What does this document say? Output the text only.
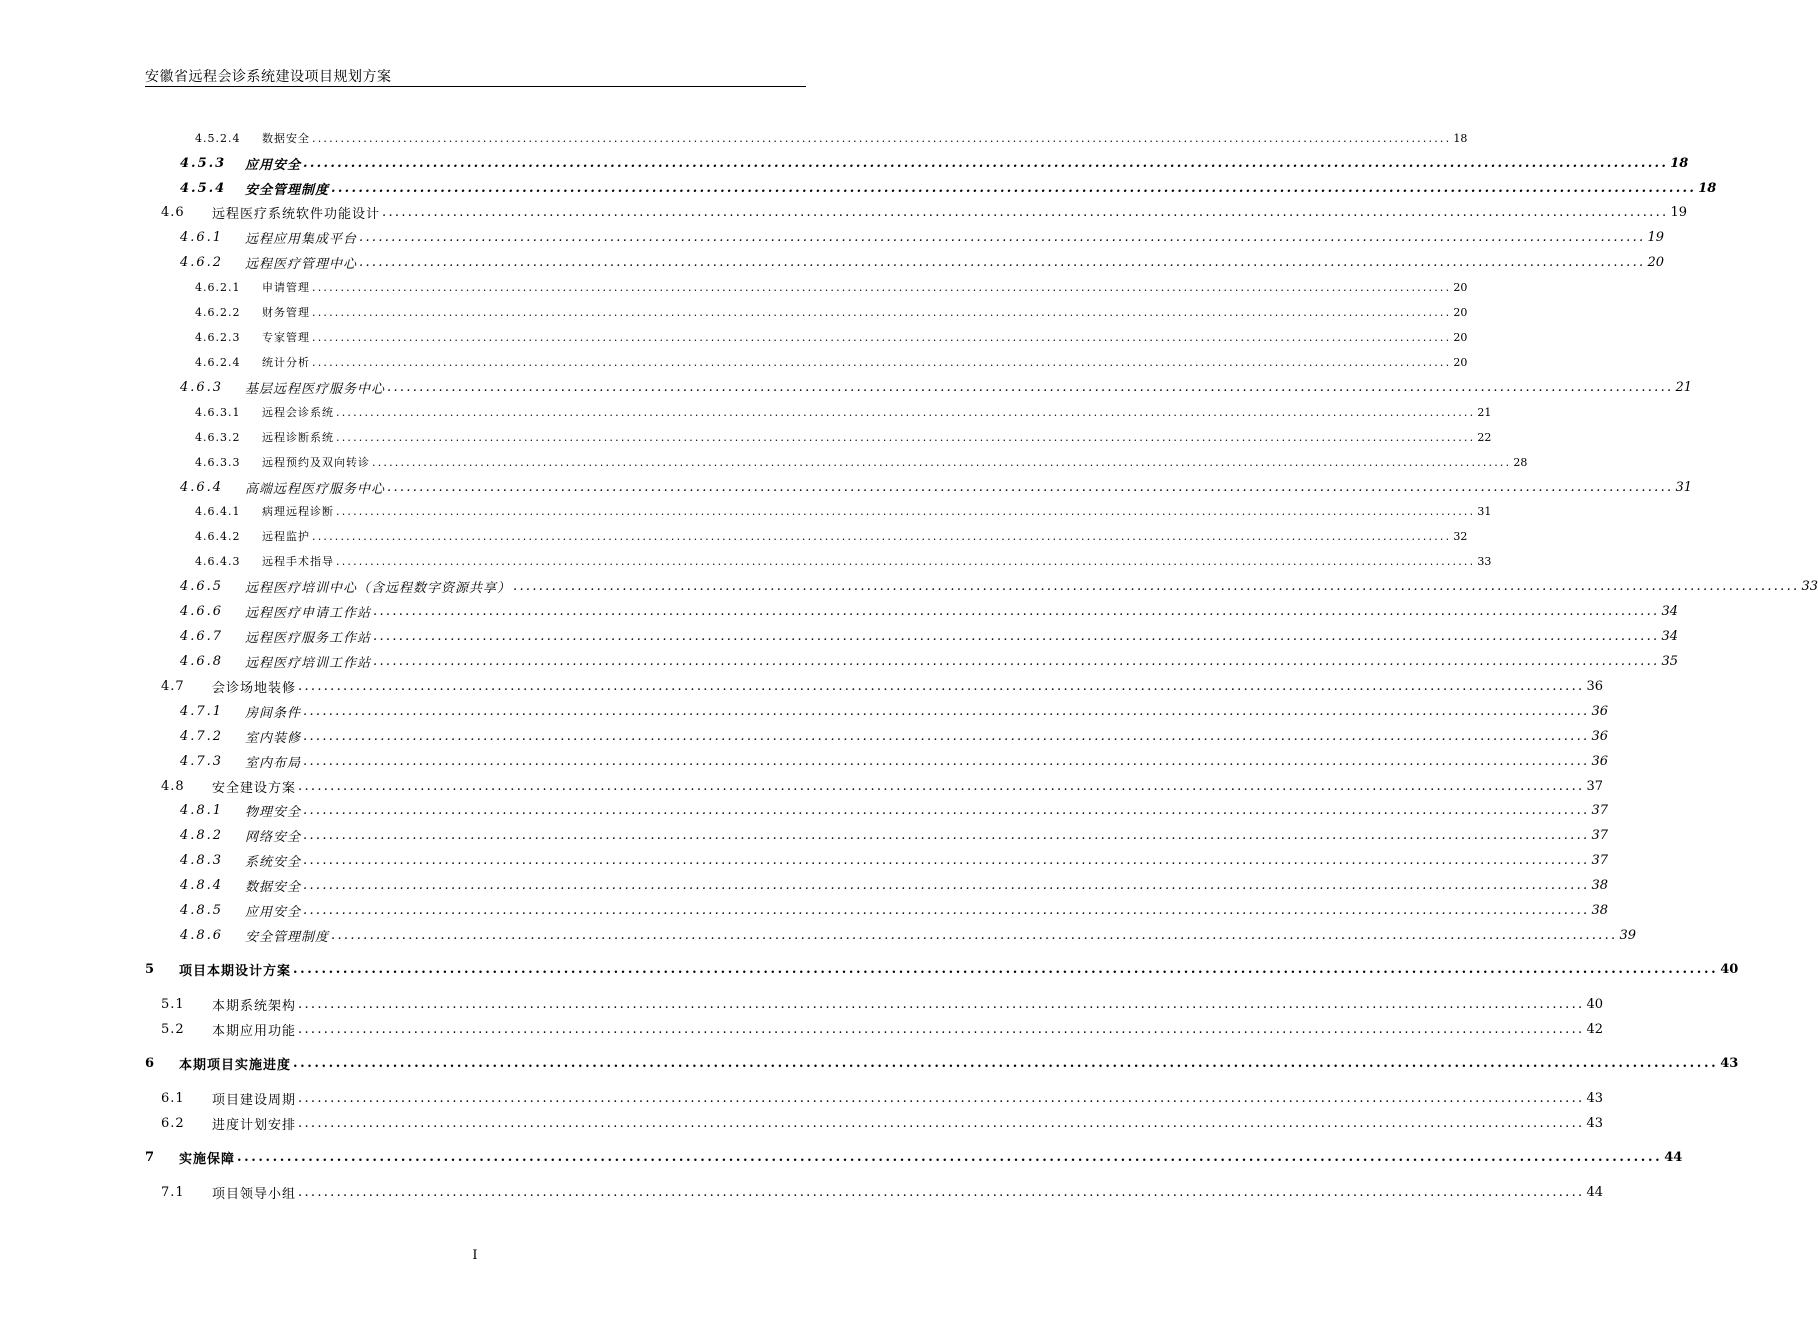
安徽省远程会诊系统建设项目规划方案
4.5.2.4	数据安全 ........................................................................................................................................................................................................ 18
4.5.3	应用安全 ........................................................................................................................................................................................................ 18
4.5.4	安全管理制度 ........................................................................................................................................................................................................ 18
4.6	远程医疗系统软件功能设计 ........................................................................................................................................................................................................ 19
4.6.1	远程应用集成平台 ........................................................................................................................................................................................................ 19
4.6.2	远程医疗管理中心 ........................................................................................................................................................................................................ 20
4.6.2.1	申请管理 ........................................................................................................................................................................................................ 20
4.6.2.2	财务管理 ........................................................................................................................................................................................................ 20
4.6.2.3	专家管理 ........................................................................................................................................................................................................ 20
4.6.2.4	统计分析 ........................................................................................................................................................................................................ 20
4.6.3	基层远程医疗服务中心 ........................................................................................................................................................................................................ 21
4.6.3.1	远程会诊系统 ........................................................................................................................................................................................................ 21
4.6.3.2	远程诊断系统 ........................................................................................................................................................................................................ 22
4.6.3.3	远程预约及双向转诊 ........................................................................................................................................................................................................ 28
4.6.4	高端远程医疗服务中心 ........................................................................................................................................................................................................ 31
4.6.4.1	病理远程诊断 ........................................................................................................................................................................................................ 31
4.6.4.2	远程监护 ........................................................................................................................................................................................................ 32
4.6.4.3	远程手术指导 ........................................................................................................................................................................................................ 33
4.6.5	远程医疗培训中心（含远程数字资源共享） ........................................................................................................................................................................................................ 33
4.6.6	远程医疗申请工作站 ........................................................................................................................................................................................................ 34
4.6.7	远程医疗服务工作站 ........................................................................................................................................................................................................ 34
4.6.8	远程医疗培训工作站 ........................................................................................................................................................................................................ 35
4.7	会诊场地装修 ........................................................................................................................................................................................................ 36
4.7.1	房间条件 ........................................................................................................................................................................................................ 36
4.7.2	室内装修 ........................................................................................................................................................................................................ 36
4.7.3	室内布局 ........................................................................................................................................................................................................ 36
4.8	安全建设方案 ........................................................................................................................................................................................................ 37
4.8.1	物理安全 ........................................................................................................................................................................................................ 37
4.8.2	网络安全 ........................................................................................................................................................................................................ 37
4.8.3	系统安全 ........................................................................................................................................................................................................ 37
4.8.4	数据安全 ........................................................................................................................................................................................................ 38
4.8.5	应用安全 ........................................................................................................................................................................................................ 38
4.8.6	安全管理制度 ........................................................................................................................................................................................................ 39
5	项目本期设计方案 ........................................................................................................................................................................................................ 40
5.1	本期系统架构 ........................................................................................................................................................................................................ 40
5.2	本期应用功能 ........................................................................................................................................................................................................ 42
6	本期项目实施进度 ........................................................................................................................................................................................................ 43
6.1	项目建设周期 ........................................................................................................................................................................................................ 43
6.2	进度计划安排 ........................................................................................................................................................................................................ 43
7	实施保障 ........................................................................................................................................................................................................ 44
7.1	项目领导小组 ........................................................................................................................................................................................................ 44
I
